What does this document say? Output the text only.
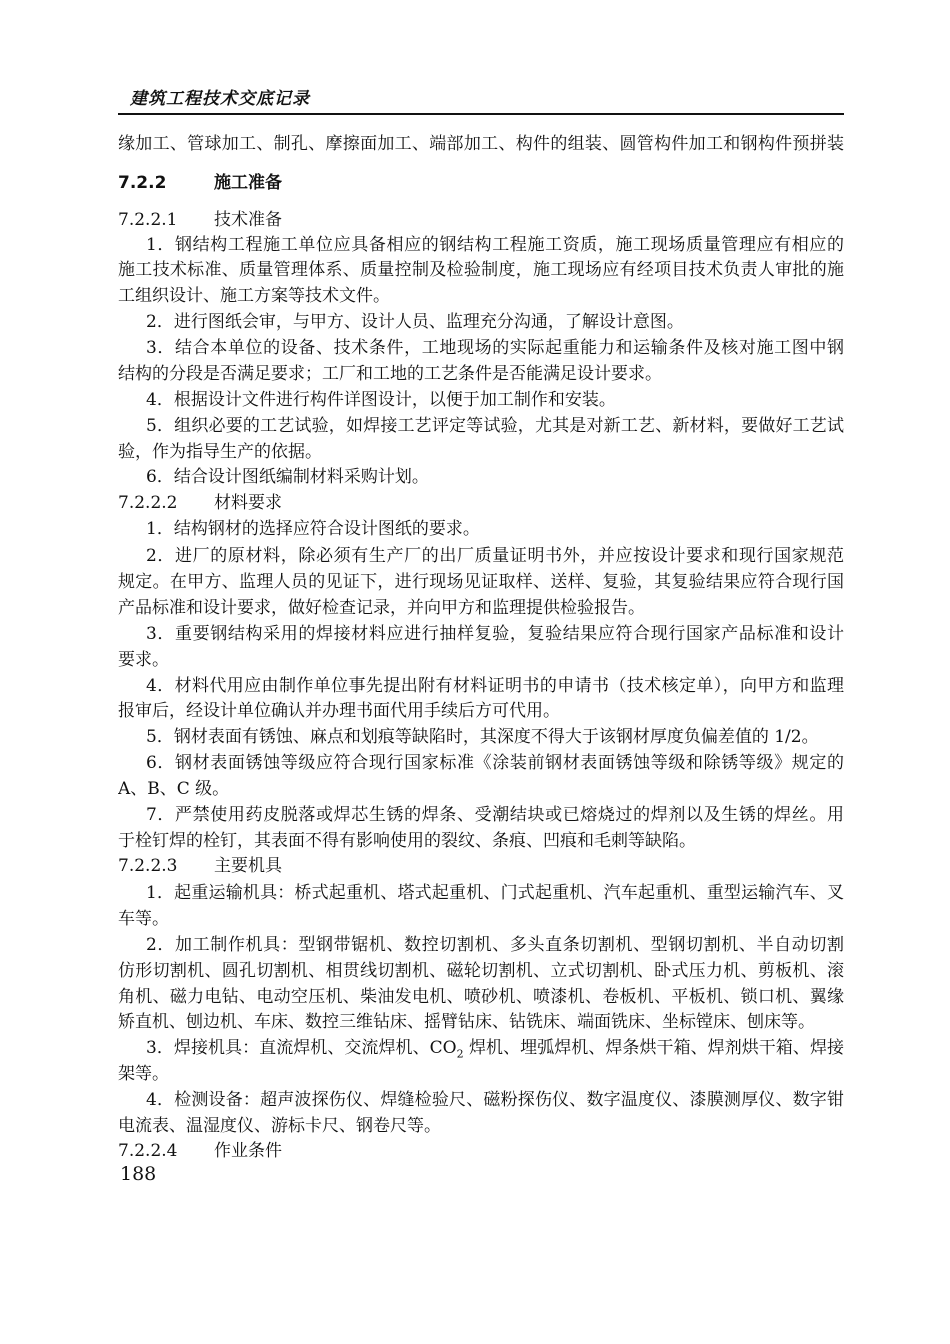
建筑工程技术交底记录
缘加工、管球加工、制孔、摩擦面加工、端部加工、构件的组装、圆管构件加工和钢构件预拼装
7.2.2	施工准备
7.2.2.1 技术准备
1．钢结构工程施工单位应具备相应的钢结构工程施工资质，施工现场质量管理应有相应的
施工技术标准、质量管理体系、质量控制及检验制度，施工现场应有经项目技术负责人审批的施
工组织设计、施工方案等技术文件。
2．进行图纸会审，与甲方、设计人员、监理充分沟通，了解设计意图。
3．结合本单位的设备、技术条件，工地现场的实际起重能力和运输条件及核对施工图中钢
结构的分段是否满足要求；工厂和工地的工艺条件是否能满足设计要求。
4．根据设计文件进行构件详图设计，以便于加工制作和安装。
5．组织必要的工艺试验，如焊接工艺评定等试验，尤其是对新工艺、新材料，要做好工艺试
验，作为指导生产的依据。
6．结合设计图纸编制材料采购计划。
7.2.2.2 材料要求
1．结构钢材的选择应符合设计图纸的要求。
2．进厂的原材料，除必须有生产厂的出厂质量证明书外，并应按设计要求和现行国家规范
规定。在甲方、监理人员的见证下，进行现场见证取样、送样、复验，其复验结果应符合现行国
产品标准和设计要求，做好检查记录，并向甲方和监理提供检验报告。
3．重要钢结构采用的焊接材料应进行抽样复验，复验结果应符合现行国家产品标准和设计
要求。
4．材料代用应由制作单位事先提出附有材料证明书的申请书（技术核定单），向甲方和监理
报审后，经设计单位确认并办理书面代用手续后方可代用。
5．钢材表面有锈蚀、麻点和划痕等缺陷时，其深度不得大于该钢材厚度负偏差值的 1/2。
6．钢材表面锈蚀等级应符合现行国家标准《涂装前钢材表面锈蚀等级和除锈等级》规定的
A、B、C 级。
7．严禁使用药皮脱落或焊芯生锈的焊条、受潮结块或已熔烧过的焊剂以及生锈的焊丝。用
于栓钉焊的栓钉，其表面不得有影响使用的裂纹、条痕、凹痕和毛刺等缺陷。
7.2.2.3 主要机具
1．起重运输机具：桥式起重机、塔式起重机、门式起重机、汽车起重机、重型运输汽车、叉
车等。
2．加工制作机具：型钢带锯机、数控切割机、多头直条切割机、型钢切割机、半自动切割
仿形切割机、圆孔切割机、相贯线切割机、磁轮切割机、立式切割机、卧式压力机、剪板机、滚
角机、磁力电钻、电动空压机、柴油发电机、喷砂机、喷漆机、卷板机、平板机、锁口机、翼缘
矫直机、刨边机、车床、数控三维钻床、摇臂钻床、钻铣床、端面铣床、坐标镗床、刨床等。
3．焊接机具：直流焊机、交流焊机、$CO_2$ 焊机、埋弧焊机、焊条烘干箱、焊剂烘干箱、焊接
架等。
4．检测设备：超声波探伤仪、焊缝检验尺、磁粉探伤仪、数字温度仪、漆膜测厚仪、数字钳
电流表、温湿度仪、游标卡尺、钢卷尺等。
7.2.2.4 作业条件
188
